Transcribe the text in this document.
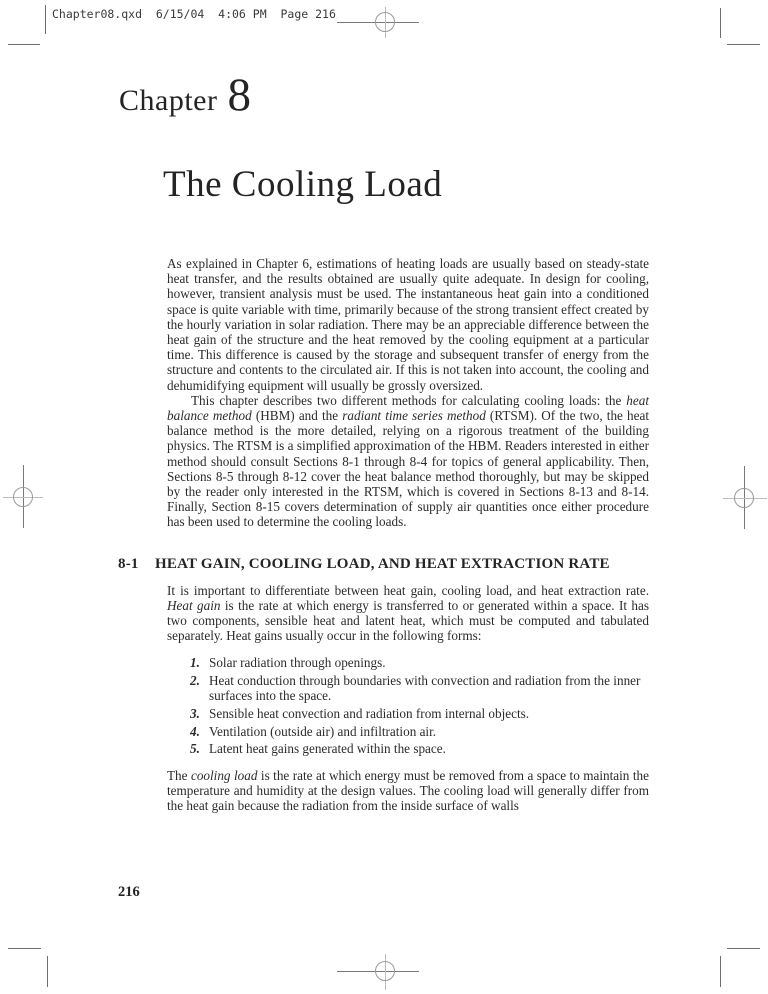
Chapter08.qxd  6/15/04  4:06 PM  Page 216
Chapter 8
The Cooling Load

As explained in Chapter 6, estimations of heating loads are usually based on steady-state heat transfer, and the results obtained are usually quite adequate. In design for cooling, however, transient analysis must be used. The instantaneous heat gain into a conditioned space is quite variable with time, primarily because of the strong transient effect created by the hourly variation in solar radiation. There may be an appreciable difference between the heat gain of the structure and the heat removed by the cooling equipment at a particular time. This difference is caused by the storage and subsequent transfer of energy from the structure and contents to the circulated air. If this is not taken into account, the cooling and dehumidifying equipment will usually be grossly oversized.

This chapter describes two different methods for calculating cooling loads: the heat balance method (HBM) and the radiant time series method (RTSM). Of the two, the heat balance method is the more detailed, relying on a rigorous treatment of the building physics. The RTSM is a simplified approximation of the HBM. Readers interested in either method should consult Sections 8-1 through 8-4 for topics of general applicability. Then, Sections 8-5 through 8-12 cover the heat balance method thoroughly, but may be skipped by the reader only interested in the RTSM, which is covered in Sections 8-13 and 8-14. Finally, Section 8-15 covers determination of supply air quantities once either procedure has been used to determine the cooling loads.

8-1	HEAT GAIN, COOLING LOAD, AND HEAT EXTRACTION RATE

It is important to differentiate between heat gain, cooling load, and heat extraction rate. Heat gain is the rate at which energy is transferred to or generated within a space. It has two components, sensible heat and latent heat, which must be computed and tabulated separately. Heat gains usually occur in the following forms:

1. Solar radiation through openings.
2. Heat conduction through boundaries with convection and radiation from the inner surfaces into the space.
3. Sensible heat convection and radiation from internal objects.
4. Ventilation (outside air) and infiltration air.
5. Latent heat gains generated within the space.

The cooling load is the rate at which energy must be removed from a space to maintain the temperature and humidity at the design values. The cooling load will generally differ from the heat gain because the radiation from the inside surface of walls

216
